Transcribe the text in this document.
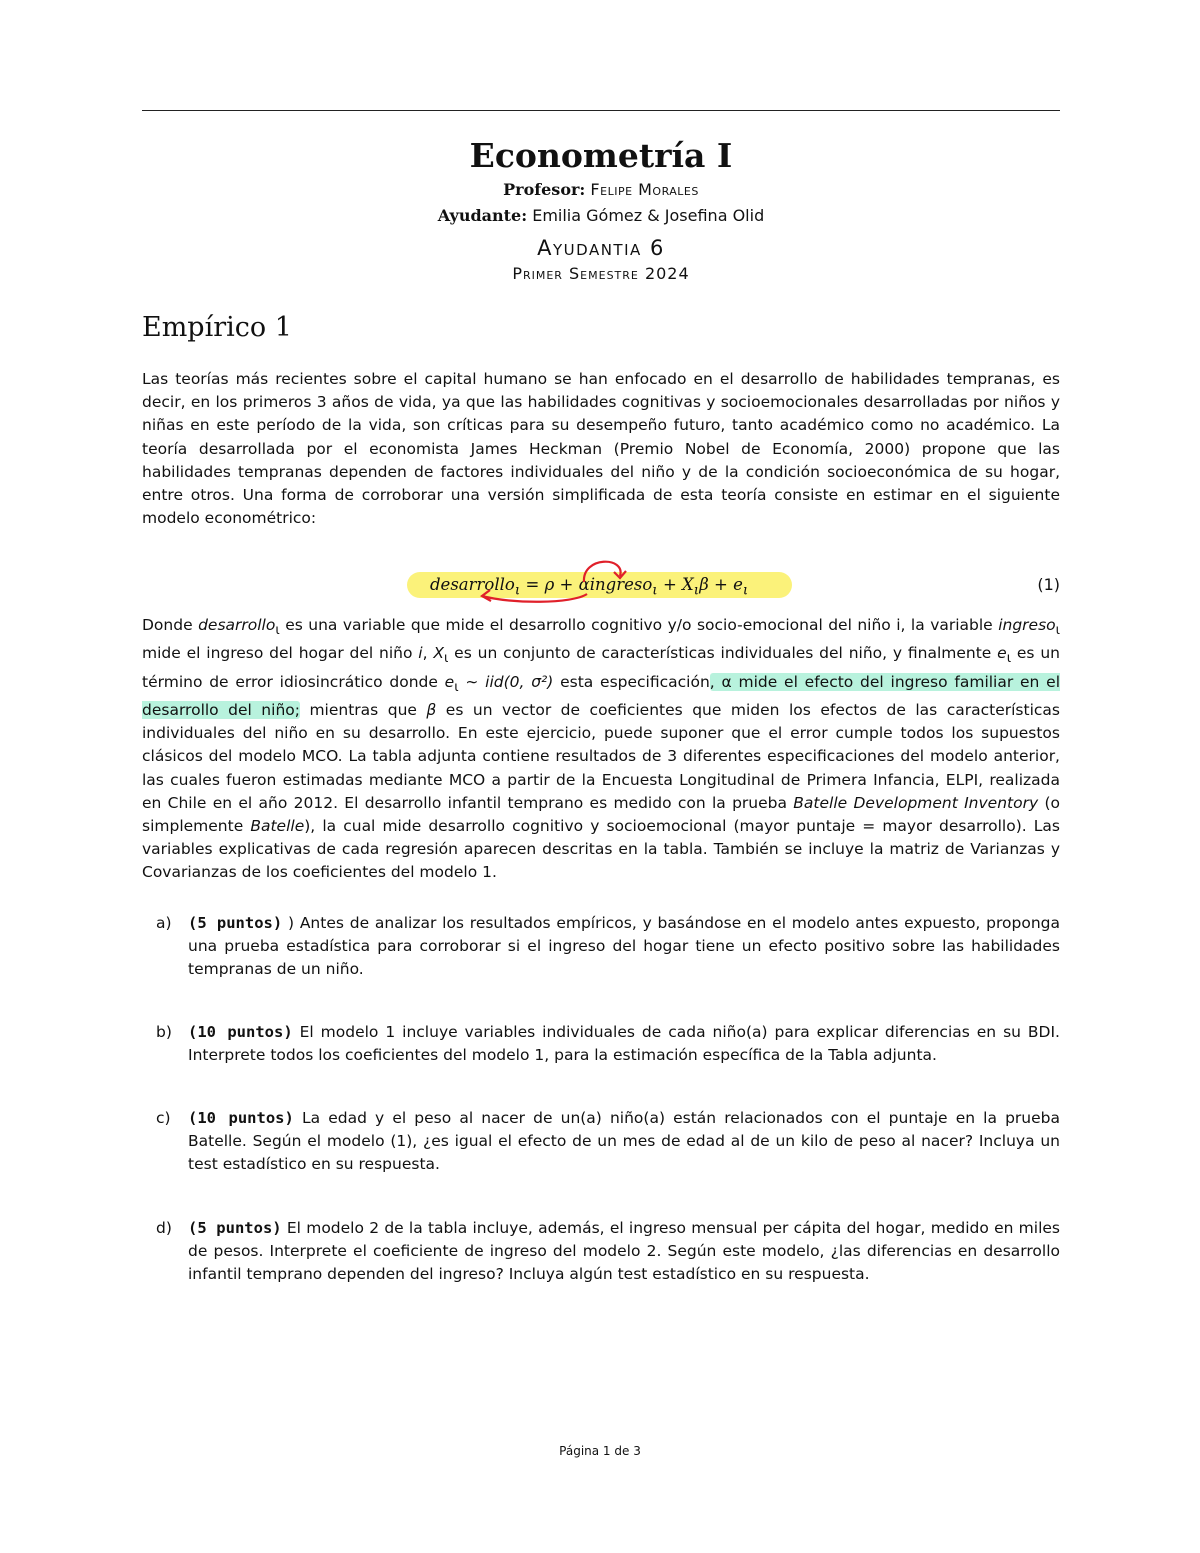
Econometría I
Profesor: Felipe Morales
Ayudante: Emilia Gómez & Josefina Olid
Ayudantia 6
Primer Semestre 2024
Empírico 1

Las teorías más recientes sobre el capital humano se han enfocado en el desarrollo de habilidades tempranas, es decir, en los primeros 3 años de vida, ya que las habilidades cognitivas y socioemocionales desarrolladas por niños y niñas en este período de la vida, son críticas para su desempeño futuro, tanto académico como no académico. La teoría desarrollada por el economista James Heckman (Premio Nobel de Economía, 2000) propone que las habilidades tempranas dependen de factores individuales del niño y de la condición socioeconómica de su hogar, entre otros. Una forma de corroborar una versión simplificada de esta teoría consiste en estimar en el siguiente modelo econométrico:

desarrollo$_\iota$ = ρ + αingreso$_\iota$ + $X_\iota\beta + e_\iota$	(1)

Donde desarrollo$_\iota$ es una variable que mide el desarrollo cognitivo y/o socio-emocional del niño i, la variable ingreso$_\iota$ mide el ingreso del hogar del niño i, $X_\iota$ es un conjunto de características individuales del niño, y finalmente $e_\iota$ es un término de error idiosincrático donde $e_\iota$ ∼ iid(0, σ²) esta especificación, α mide el efecto del ingreso familiar en el desarrollo del niño; mientras que β es un vector de coeficientes que miden los efectos de las características individuales del niño en su desarrollo. En este ejercicio, puede suponer que el error cumple todos los supuestos clásicos del modelo MCO. La tabla adjunta contiene resultados de 3 diferentes especificaciones del modelo anterior, las cuales fueron estimadas mediante MCO a partir de la Encuesta Longitudinal de Primera Infancia, ELPI, realizada en Chile en el año 2012. El desarrollo infantil temprano es medido con la prueba Batelle Development Inventory (o simplemente Batelle), la cual mide desarrollo cognitivo y socioemocional (mayor puntaje = mayor desarrollo). Las variables explicativas de cada regresión aparecen descritas en la tabla. También se incluye la matriz de Varianzas y Covarianzas de los coeficientes del modelo 1.

a) (5 puntos) ) Antes de analizar los resultados empíricos, y basándose en el modelo antes expuesto, proponga una prueba estadística para corroborar si el ingreso del hogar tiene un efecto positivo sobre las habilidades tempranas de un niño.
b) (10 puntos) El modelo 1 incluye variables individuales de cada niño(a) para explicar diferencias en su BDI. Interprete todos los coeficientes del modelo 1, para la estimación específica de la Tabla adjunta.
c) (10 puntos) La edad y el peso al nacer de un(a) niño(a) están relacionados con el puntaje en la prueba Batelle. Según el modelo (1), ¿es igual el efecto de un mes de edad al de un kilo de peso al nacer? Incluya un test estadístico en su respuesta.
d) (5 puntos) El modelo 2 de la tabla incluye, además, el ingreso mensual per cápita del hogar, medido en miles de pesos. Interprete el coeficiente de ingreso del modelo 2. Según este modelo, ¿las diferencias en desarrollo infantil temprano dependen del ingreso? Incluya algún test estadístico en su respuesta.
Página 1 de 3
